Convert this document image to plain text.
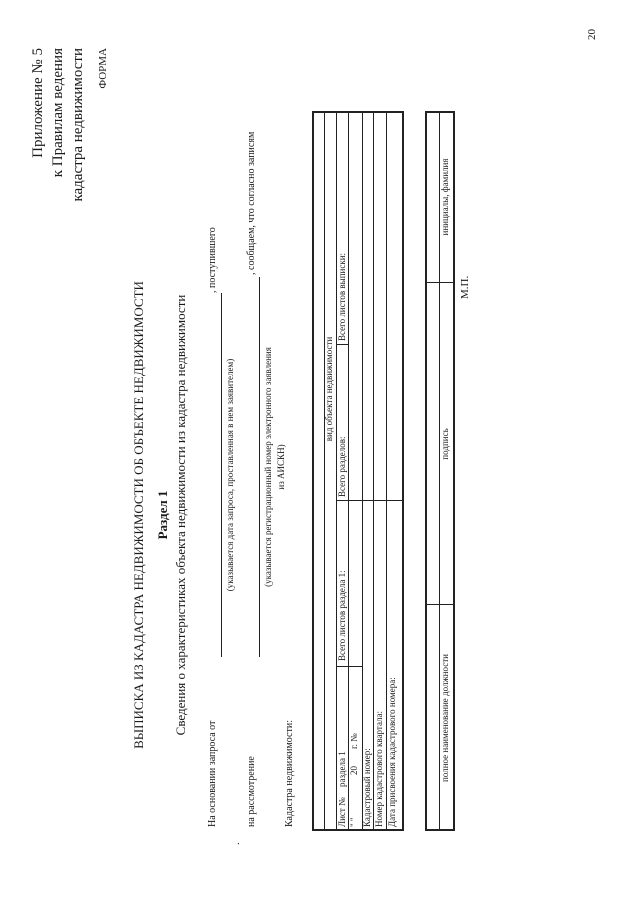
20
Приложение № 5 к Правилам ведения кадастра недвижимости ФОРМА
ВЫПИСКА ИЗ КАДАСТРА НЕДВИЖИМОСТИ ОБ ОБЪЕКТЕ НЕДВИЖИМОСТИ Раздел 1 Сведения о характеристиках объекта недвижимости из кадастра недвижимости
На основании запроса от
, поступившего
(указывается дата запроса, проставленная в нем заявителем)
на рассмотрение
, сообщаем, что согласно записям
(указывается регистрационный номер электронного заявления из АИСКН)
Кадастра недвижимости:
вид объекта недвижимости
Лист №
раздела 1
Всего листов раздела 1:
Всего разделов:
Всего листов выписки:
" "
20
г. №
Кадастровый номер: Номер кадастрового квартала: Дата присвоения кадастрового номера:	полное наименование должности
подпись
инициалы, фамилия
М.П.
.
